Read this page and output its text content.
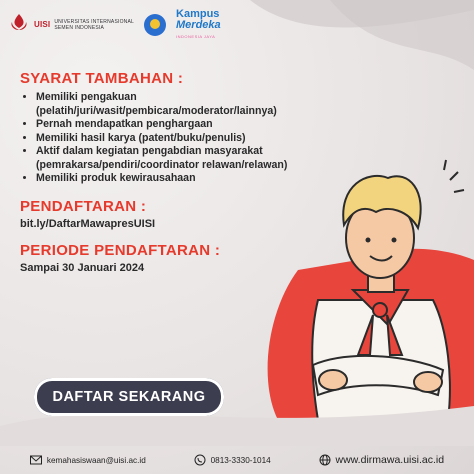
UISI UNIVERSITAS INTERNASIONAL
SEMEN INDONESIA
Kampus
Merdeka
INDONESIA JAYA
SYARAT TAMBAHAN :
• Memiliki pengakuan (pelatih/juri/wasit/pembicara/moderator/lainnya)
• Pernah mendapatkan penghargaan
• Memiliki hasil karya (patent/buku/penulis)
• Aktif dalam kegiatan pengabdian masyarakat (pemrakarsa/pendiri/coordinator relawan/relawan)
• Memiliki produk kewirausahaan
PENDAFTARAN :

bit.ly/DaftarMawapresUISI

PERIODE PENDAFTARAN :

Sampai 30 Januari 2024

DAFTAR SEKARANG
kemahasiswaan@uisi.ac.id	0813-3330-1014	www.dirmawa.uisi.ac.id
